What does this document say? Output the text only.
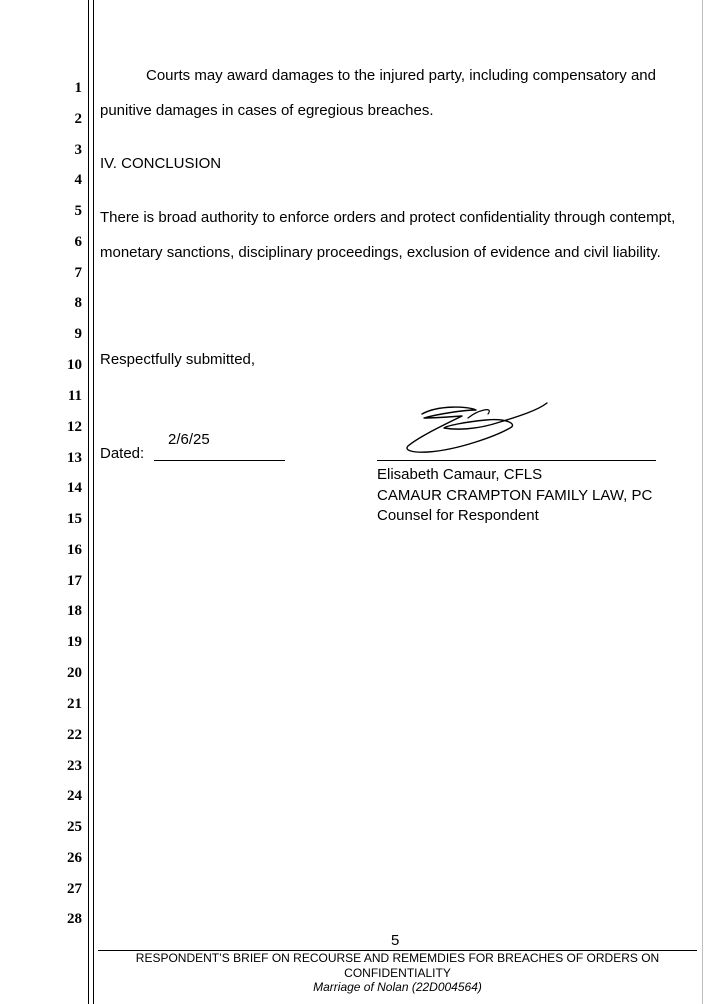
1
2
3
4
5
6
7
8
9
10
11
12
13
14
15
16
17
18
19
20
21
22
23
24
25
26
27
28
Courts may award damages to the injured party, including compensatory and
punitive damages in cases of egregious breaches.
IV. CONCLUSION
There is broad authority to enforce orders and protect confidentiality through contempt,
monetary sanctions, disciplinary proceedings, exclusion of evidence and civil liability.
Respectfully submitted,
Dated:
2/6/25
Elisabeth Camaur, CFLS
CAMAUR CRAMPTON FAMILY LAW, PC
Counsel for Respondent
5
RESPONDENT’S BRIEF ON RECOURSE AND REMEMDIES FOR BREACHES OF ORDERS ON
CONFIDENTIALITY
Marriage of Nolan (22D004564)
